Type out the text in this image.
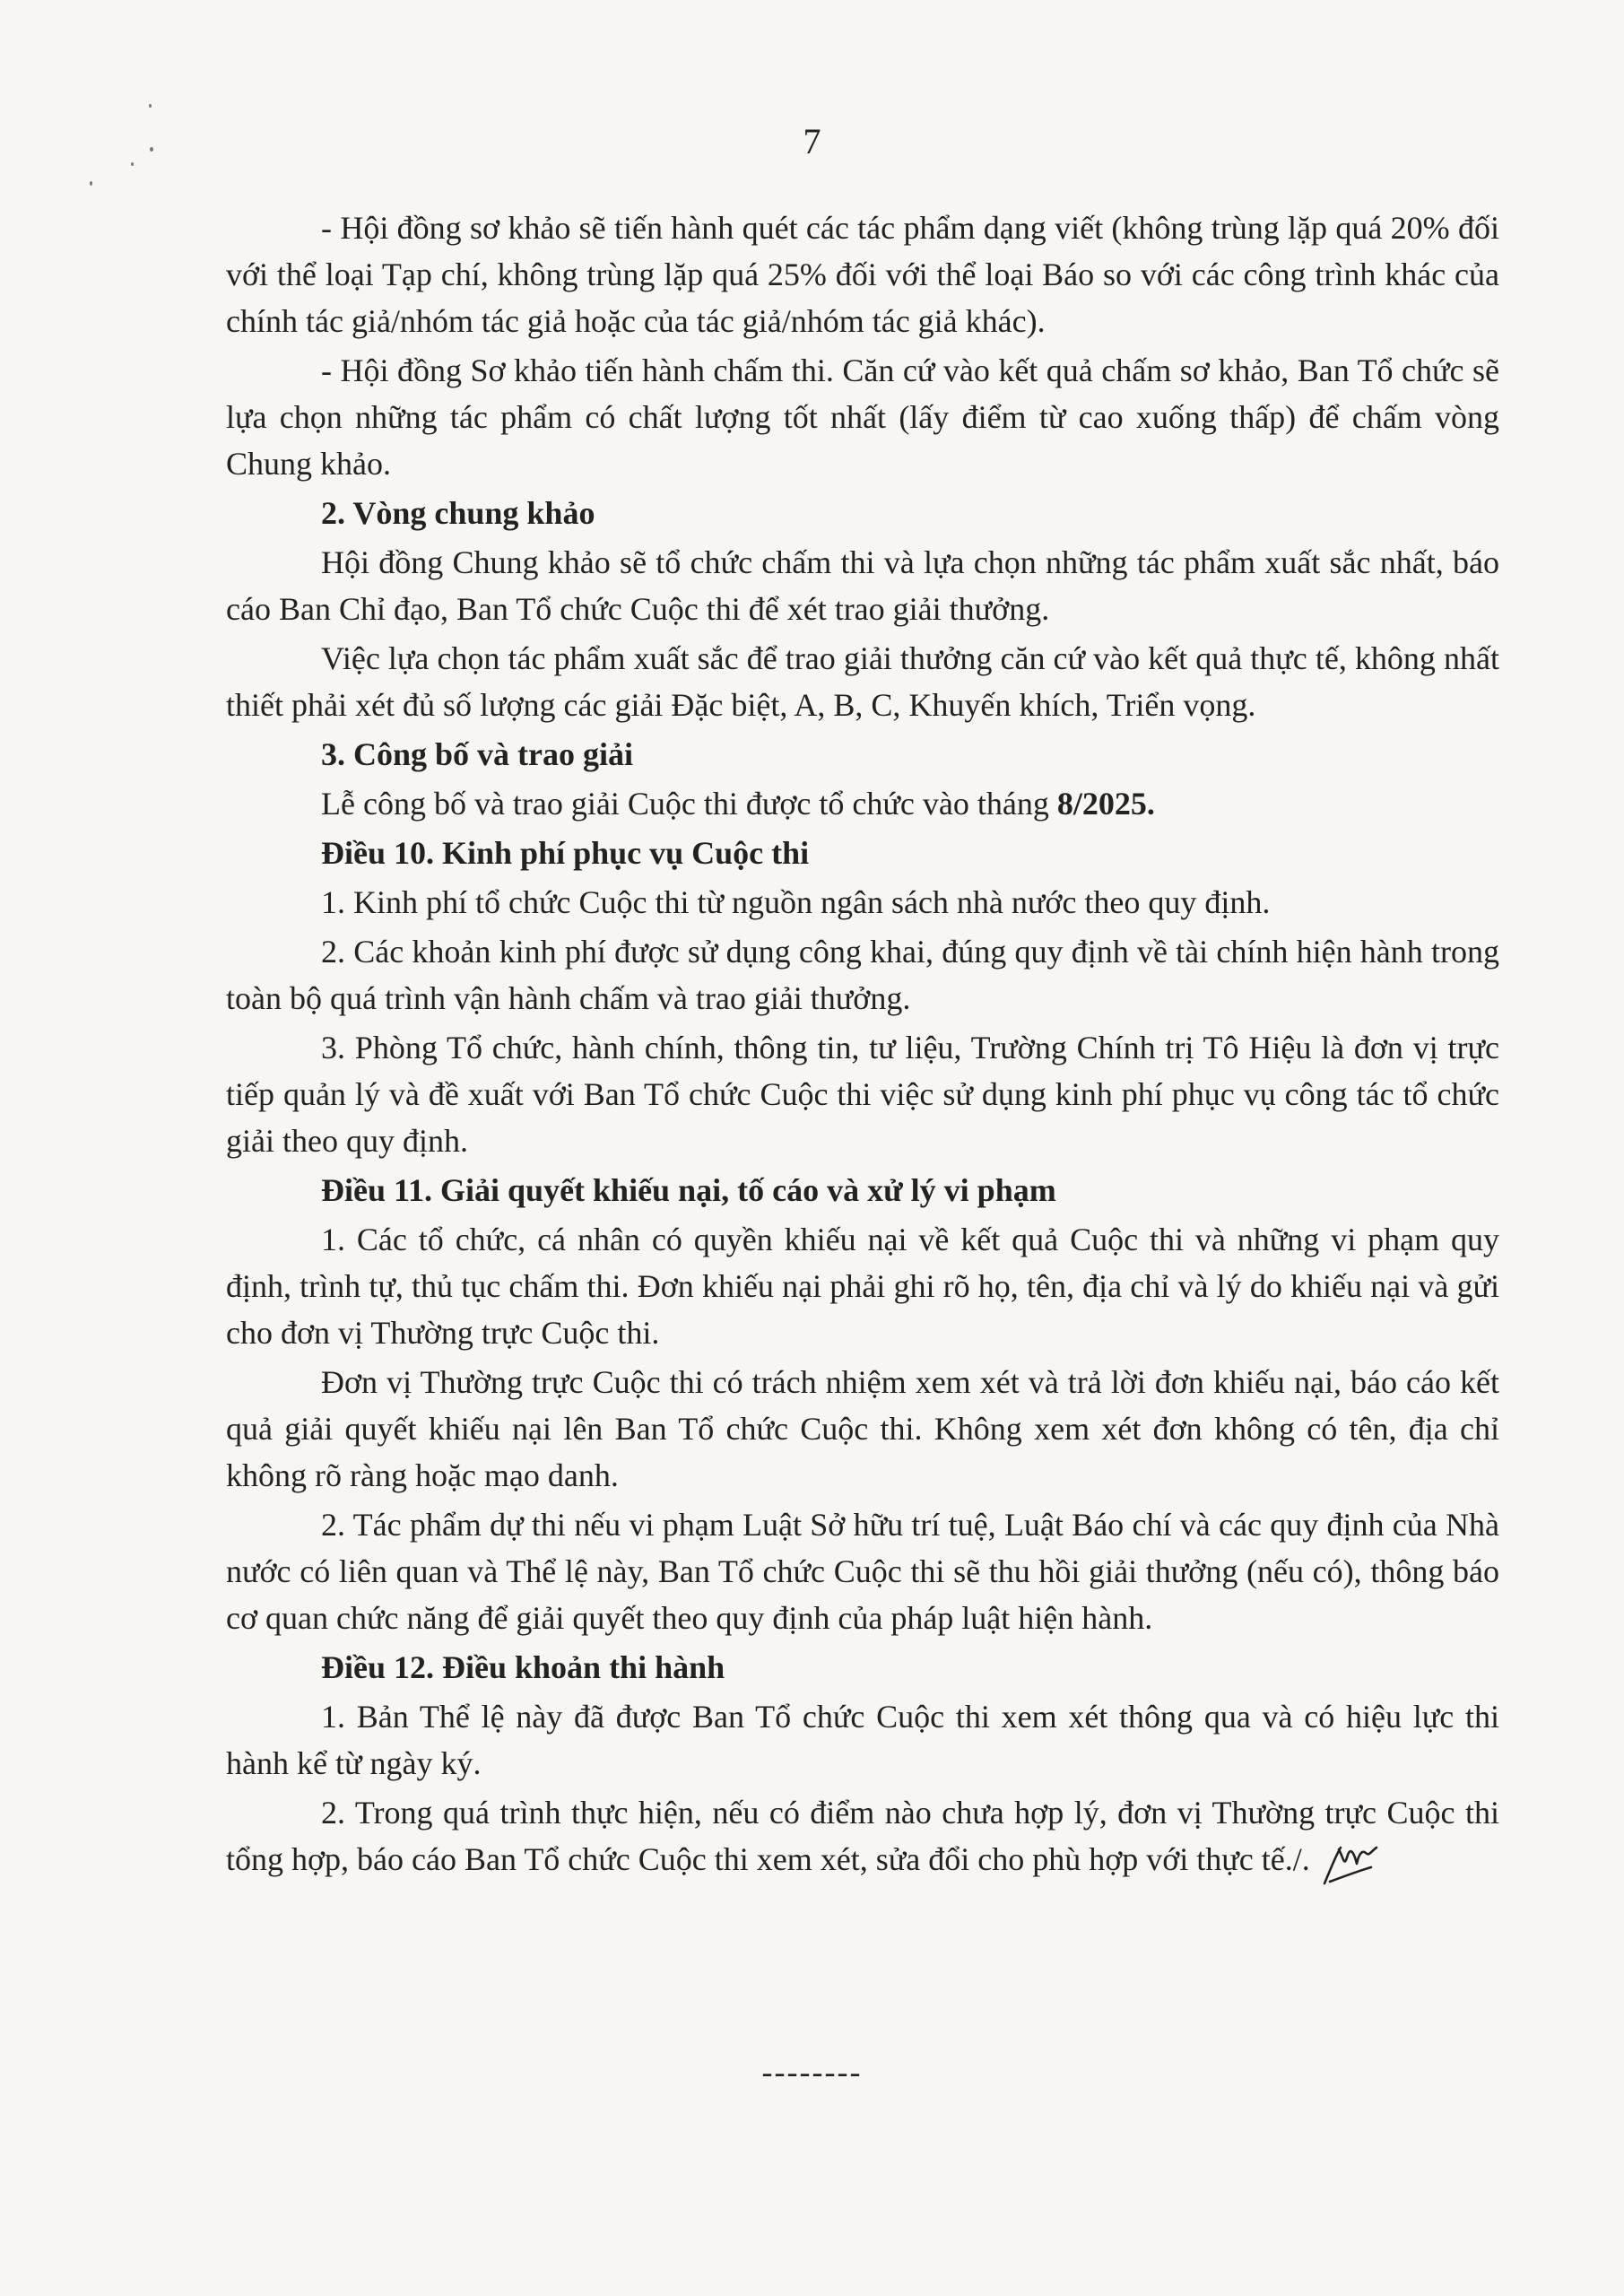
7

- Hội đồng sơ khảo sẽ tiến hành quét các tác phẩm dạng viết (không trùng lặp quá 20% đối với thể loại Tạp chí, không trùng lặp quá 25% đối với thể loại Báo so với các công trình khác của chính tác giả/nhóm tác giả hoặc của tác giả/nhóm tác giả khác).

- Hội đồng Sơ khảo tiến hành chấm thi. Căn cứ vào kết quả chấm sơ khảo, Ban Tổ chức sẽ lựa chọn những tác phẩm có chất lượng tốt nhất (lấy điểm từ cao xuống thấp) để chấm vòng Chung khảo.

2. Vòng chung khảo

Hội đồng Chung khảo sẽ tổ chức chấm thi và lựa chọn những tác phẩm xuất sắc nhất, báo cáo Ban Chỉ đạo, Ban Tổ chức Cuộc thi để xét trao giải thưởng.

Việc lựa chọn tác phẩm xuất sắc để trao giải thưởng căn cứ vào kết quả thực tế, không nhất thiết phải xét đủ số lượng các giải Đặc biệt, A, B, C, Khuyến khích, Triển vọng.

3. Công bố và trao giải

Lễ công bố và trao giải Cuộc thi được tổ chức vào tháng 8/2025.

Điều 10. Kinh phí phục vụ Cuộc thi

1. Kinh phí tổ chức Cuộc thi từ nguồn ngân sách nhà nước theo quy định.

2. Các khoản kinh phí được sử dụng công khai, đúng quy định về tài chính hiện hành trong toàn bộ quá trình vận hành chấm và trao giải thưởng.

3. Phòng Tổ chức, hành chính, thông tin, tư liệu, Trường Chính trị Tô Hiệu là đơn vị trực tiếp quản lý và đề xuất với Ban Tổ chức Cuộc thi việc sử dụng kinh phí phục vụ công tác tổ chức giải theo quy định.

Điều 11. Giải quyết khiếu nại, tố cáo và xử lý vi phạm

1. Các tổ chức, cá nhân có quyền khiếu nại về kết quả Cuộc thi và những vi phạm quy định, trình tự, thủ tục chấm thi. Đơn khiếu nại phải ghi rõ họ, tên, địa chỉ và lý do khiếu nại và gửi cho đơn vị Thường trực Cuộc thi.

Đơn vị Thường trực Cuộc thi có trách nhiệm xem xét và trả lời đơn khiếu nại, báo cáo kết quả giải quyết khiếu nại lên Ban Tổ chức Cuộc thi. Không xem xét đơn không có tên, địa chỉ không rõ ràng hoặc mạo danh.

2. Tác phẩm dự thi nếu vi phạm Luật Sở hữu trí tuệ, Luật Báo chí và các quy định của Nhà nước có liên quan và Thể lệ này, Ban Tổ chức Cuộc thi sẽ thu hồi giải thưởng (nếu có), thông báo cơ quan chức năng để giải quyết theo quy định của pháp luật hiện hành.

Điều 12. Điều khoản thi hành

1. Bản Thể lệ này đã được Ban Tổ chức Cuộc thi xem xét thông qua và có hiệu lực thi hành kể từ ngày ký.

2. Trong quá trình thực hiện, nếu có điểm nào chưa hợp lý, đơn vị Thường trực Cuộc thi tổng hợp, báo cáo Ban Tổ chức Cuộc thi xem xét, sửa đổi cho phù hợp với thực tế./.

--------
